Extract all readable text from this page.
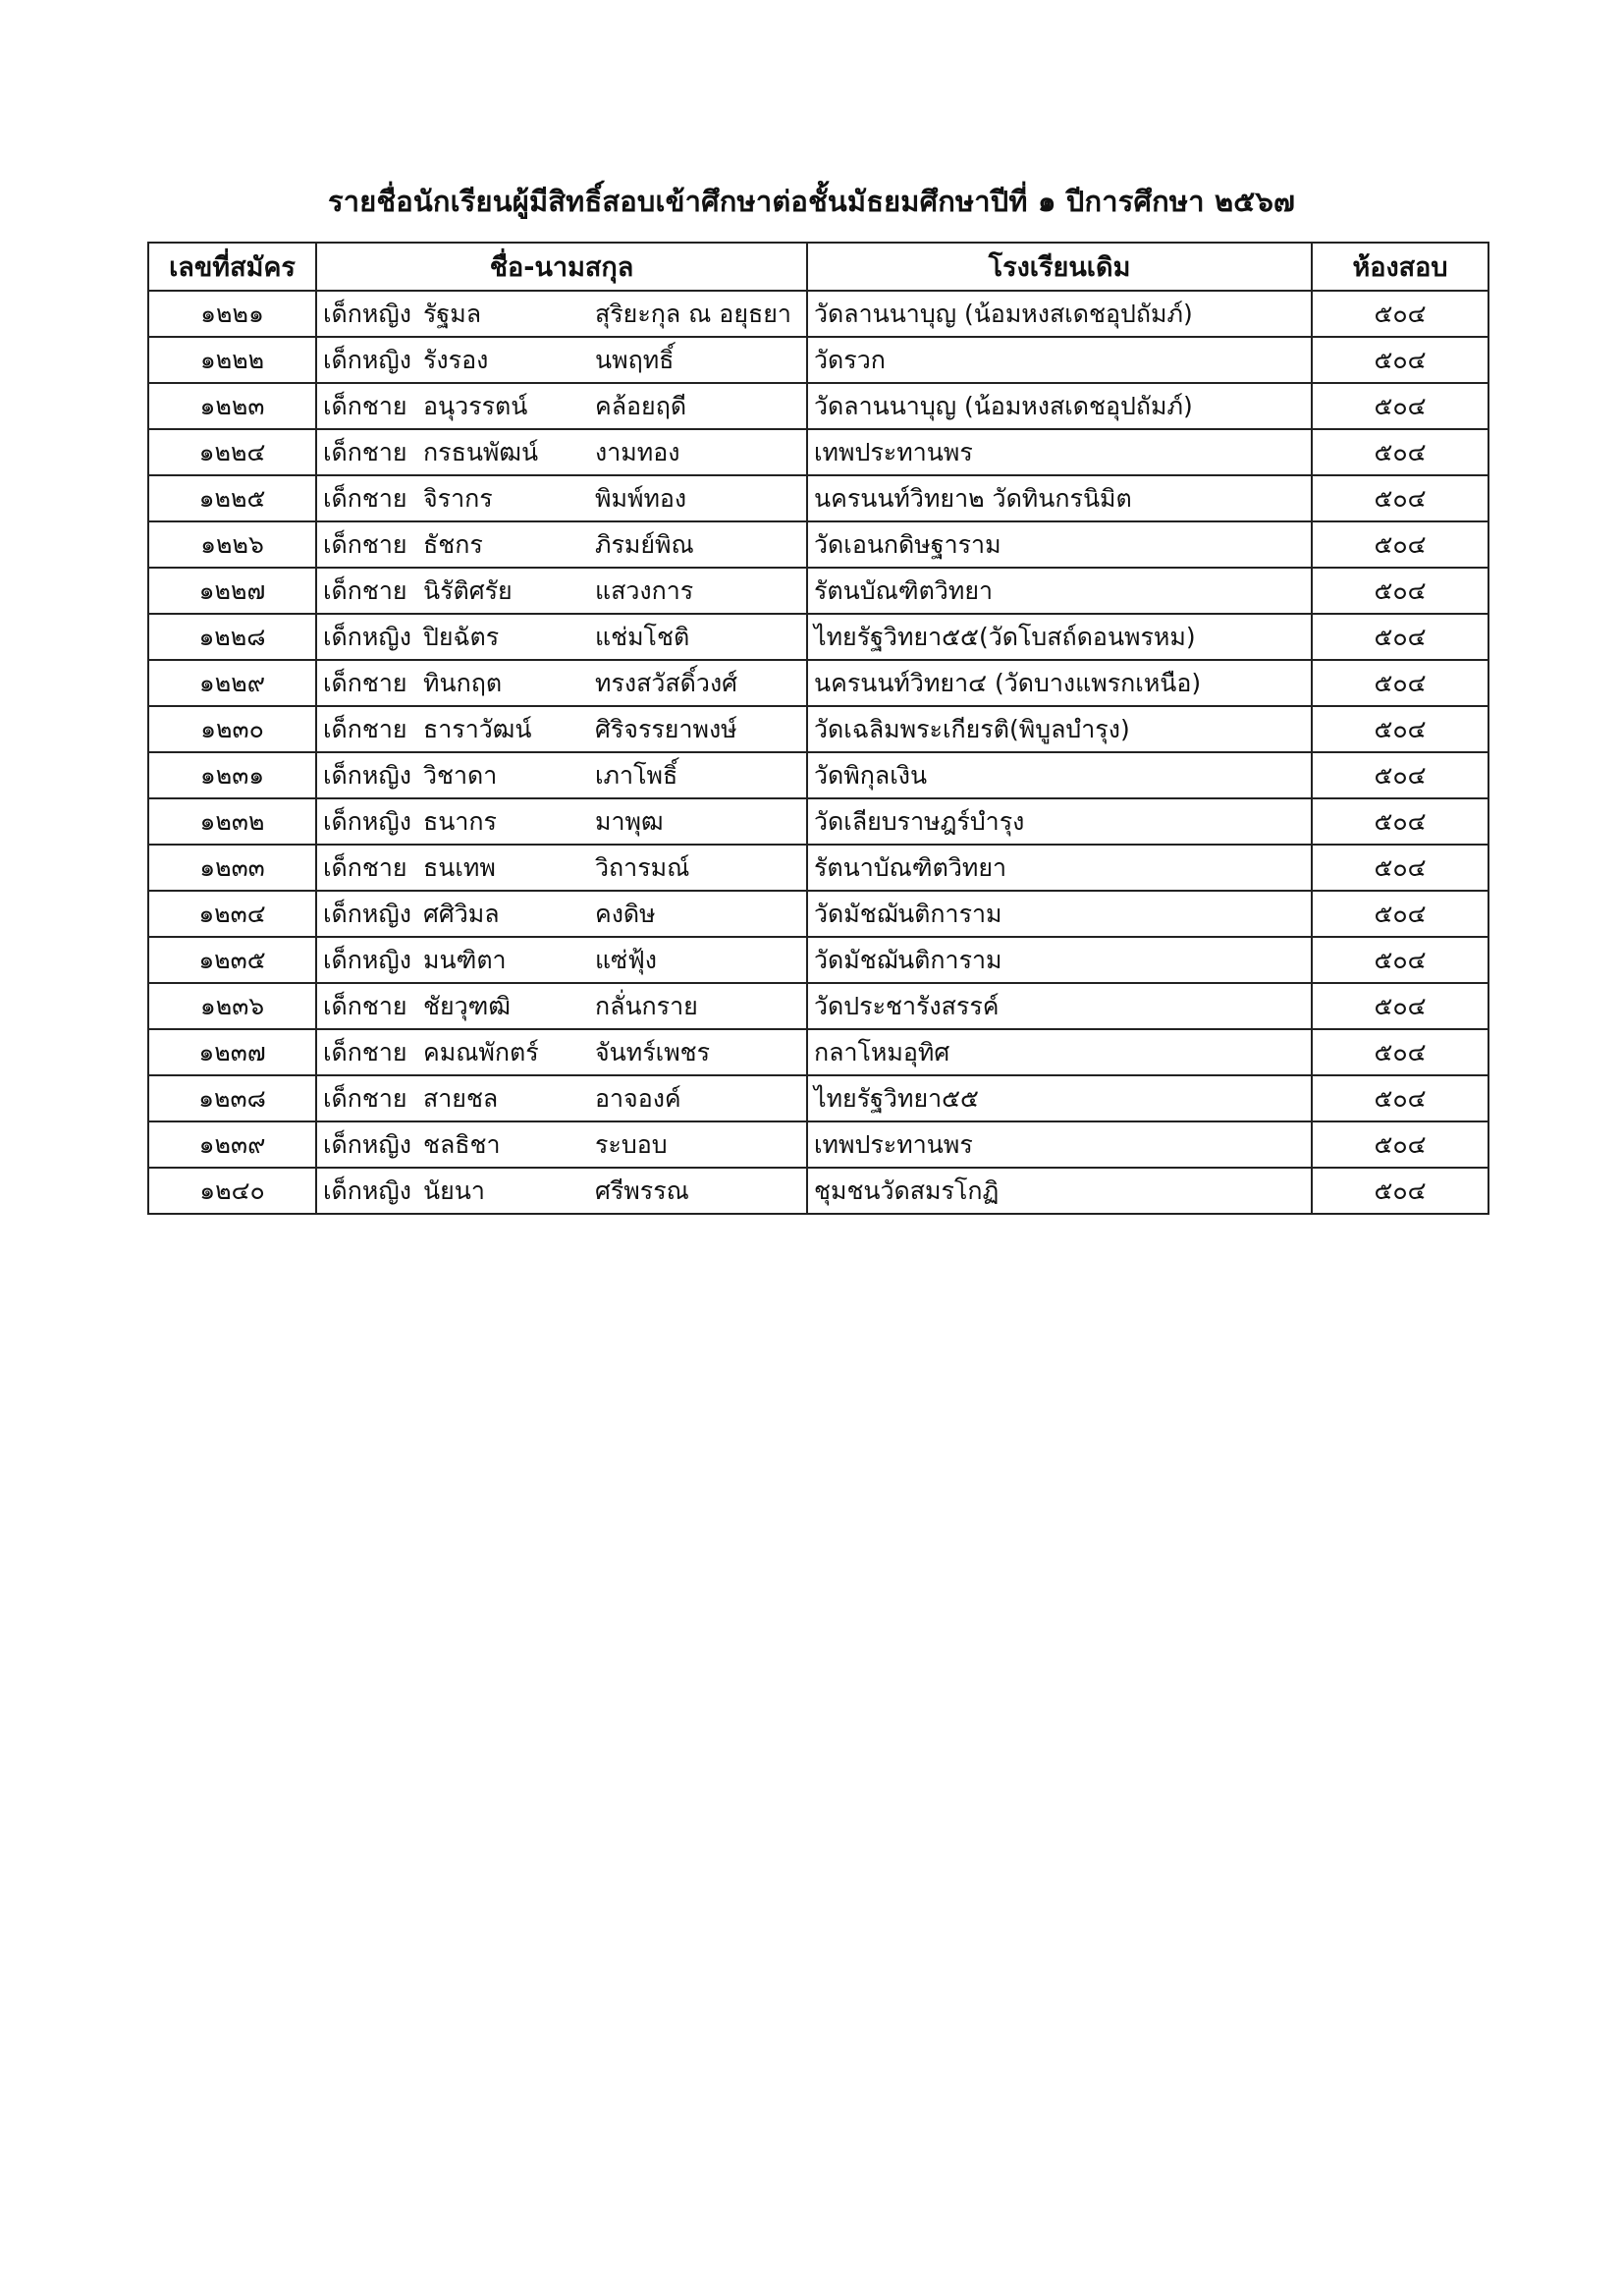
รายชื่อนักเรียนผู้มีสิทธิ์สอบเข้าศึกษาต่อชั้นมัธยมศึกษาปีที่ ๑ ปีการศึกษา ๒๕๖๗
เลขที่สมัคร	ชื่อ-นามสกุล	โรงเรียนเดิม	ห้องสอบ
๑๒๒๑	เด็กหญิง รัฐมล สุริยะกุล ณ อยุธยา	วัดลานนาบุญ (น้อมหงสเดชอุปถัมภ์)	๕๐๔
๑๒๒๒	เด็กหญิง รังรอง นพฤทธิ์	วัดรวก	๕๐๔
๑๒๒๓	เด็กชาย อนุวรรตน์ คล้อยฤดี	วัดลานนาบุญ (น้อมหงสเดชอุปถัมภ์)	๕๐๔
๑๒๒๔	เด็กชาย กรธนพัฒน์ งามทอง	เทพประทานพร	๕๐๔
๑๒๒๕	เด็กชาย จิรากร พิมพ์ทอง	นครนนท์วิทยา๒ วัดทินกรนิมิต	๕๐๔
๑๒๒๖	เด็กชาย ธัชกร ภิรมย์พิณ	วัดเอนกดิษฐาราม	๕๐๔
๑๒๒๗	เด็กชาย นิรัติศรัย แสวงการ	รัตนบัณฑิตวิทยา	๕๐๔
๑๒๒๘	เด็กหญิง ปิยฉัตร แช่มโชติ	ไทยรัฐวิทยา๕๕(วัดโบสถ์ดอนพรหม)	๕๐๔
๑๒๒๙	เด็กชาย ทินกฤต ทรงสวัสดิ์วงศ์	นครนนท์วิทยา๔ (วัดบางแพรกเหนือ)	๕๐๔
๑๒๓๐	เด็กชาย ธาราวัฒน์ ศิริจรรยาพงษ์	วัดเฉลิมพระเกียรติ(พิบูลบำรุง)	๕๐๔
๑๒๓๑	เด็กหญิง วิชาดา เภาโพธิ์	วัดพิกุลเงิน	๕๐๔
๑๒๓๒	เด็กหญิง ธนากร มาพุฒ	วัดเลียบราษฎร์บำรุง	๕๐๔
๑๒๓๓	เด็กชาย ธนเทพ วิถารมณ์	รัตนาบัณฑิตวิทยา	๕๐๔
๑๒๓๔	เด็กหญิง ศศิวิมล คงดิษ	วัดมัชฌันติการาม	๕๐๔
๑๒๓๕	เด็กหญิง มนฑิตา แซ่ฟุ้ง	วัดมัชฌันติการาม	๕๐๔
๑๒๓๖	เด็กชาย ชัยวุฑฒิ กลั่นกราย	วัดประชารังสรรค์	๕๐๔
๑๒๓๗	เด็กชาย คมณพักตร์ จันทร์เพชร	กลาโหมอุทิศ	๕๐๔
๑๒๓๘	เด็กชาย สายชล อาจองค์	ไทยรัฐวิทยา๕๕	๕๐๔
๑๒๓๙	เด็กหญิง ชลธิชา ระบอบ	เทพประทานพร	๕๐๔
๑๒๔๐	เด็กหญิง นัยนา ศรีพรรณ	ชุมชนวัดสมรโกฏิ	๕๐๔
